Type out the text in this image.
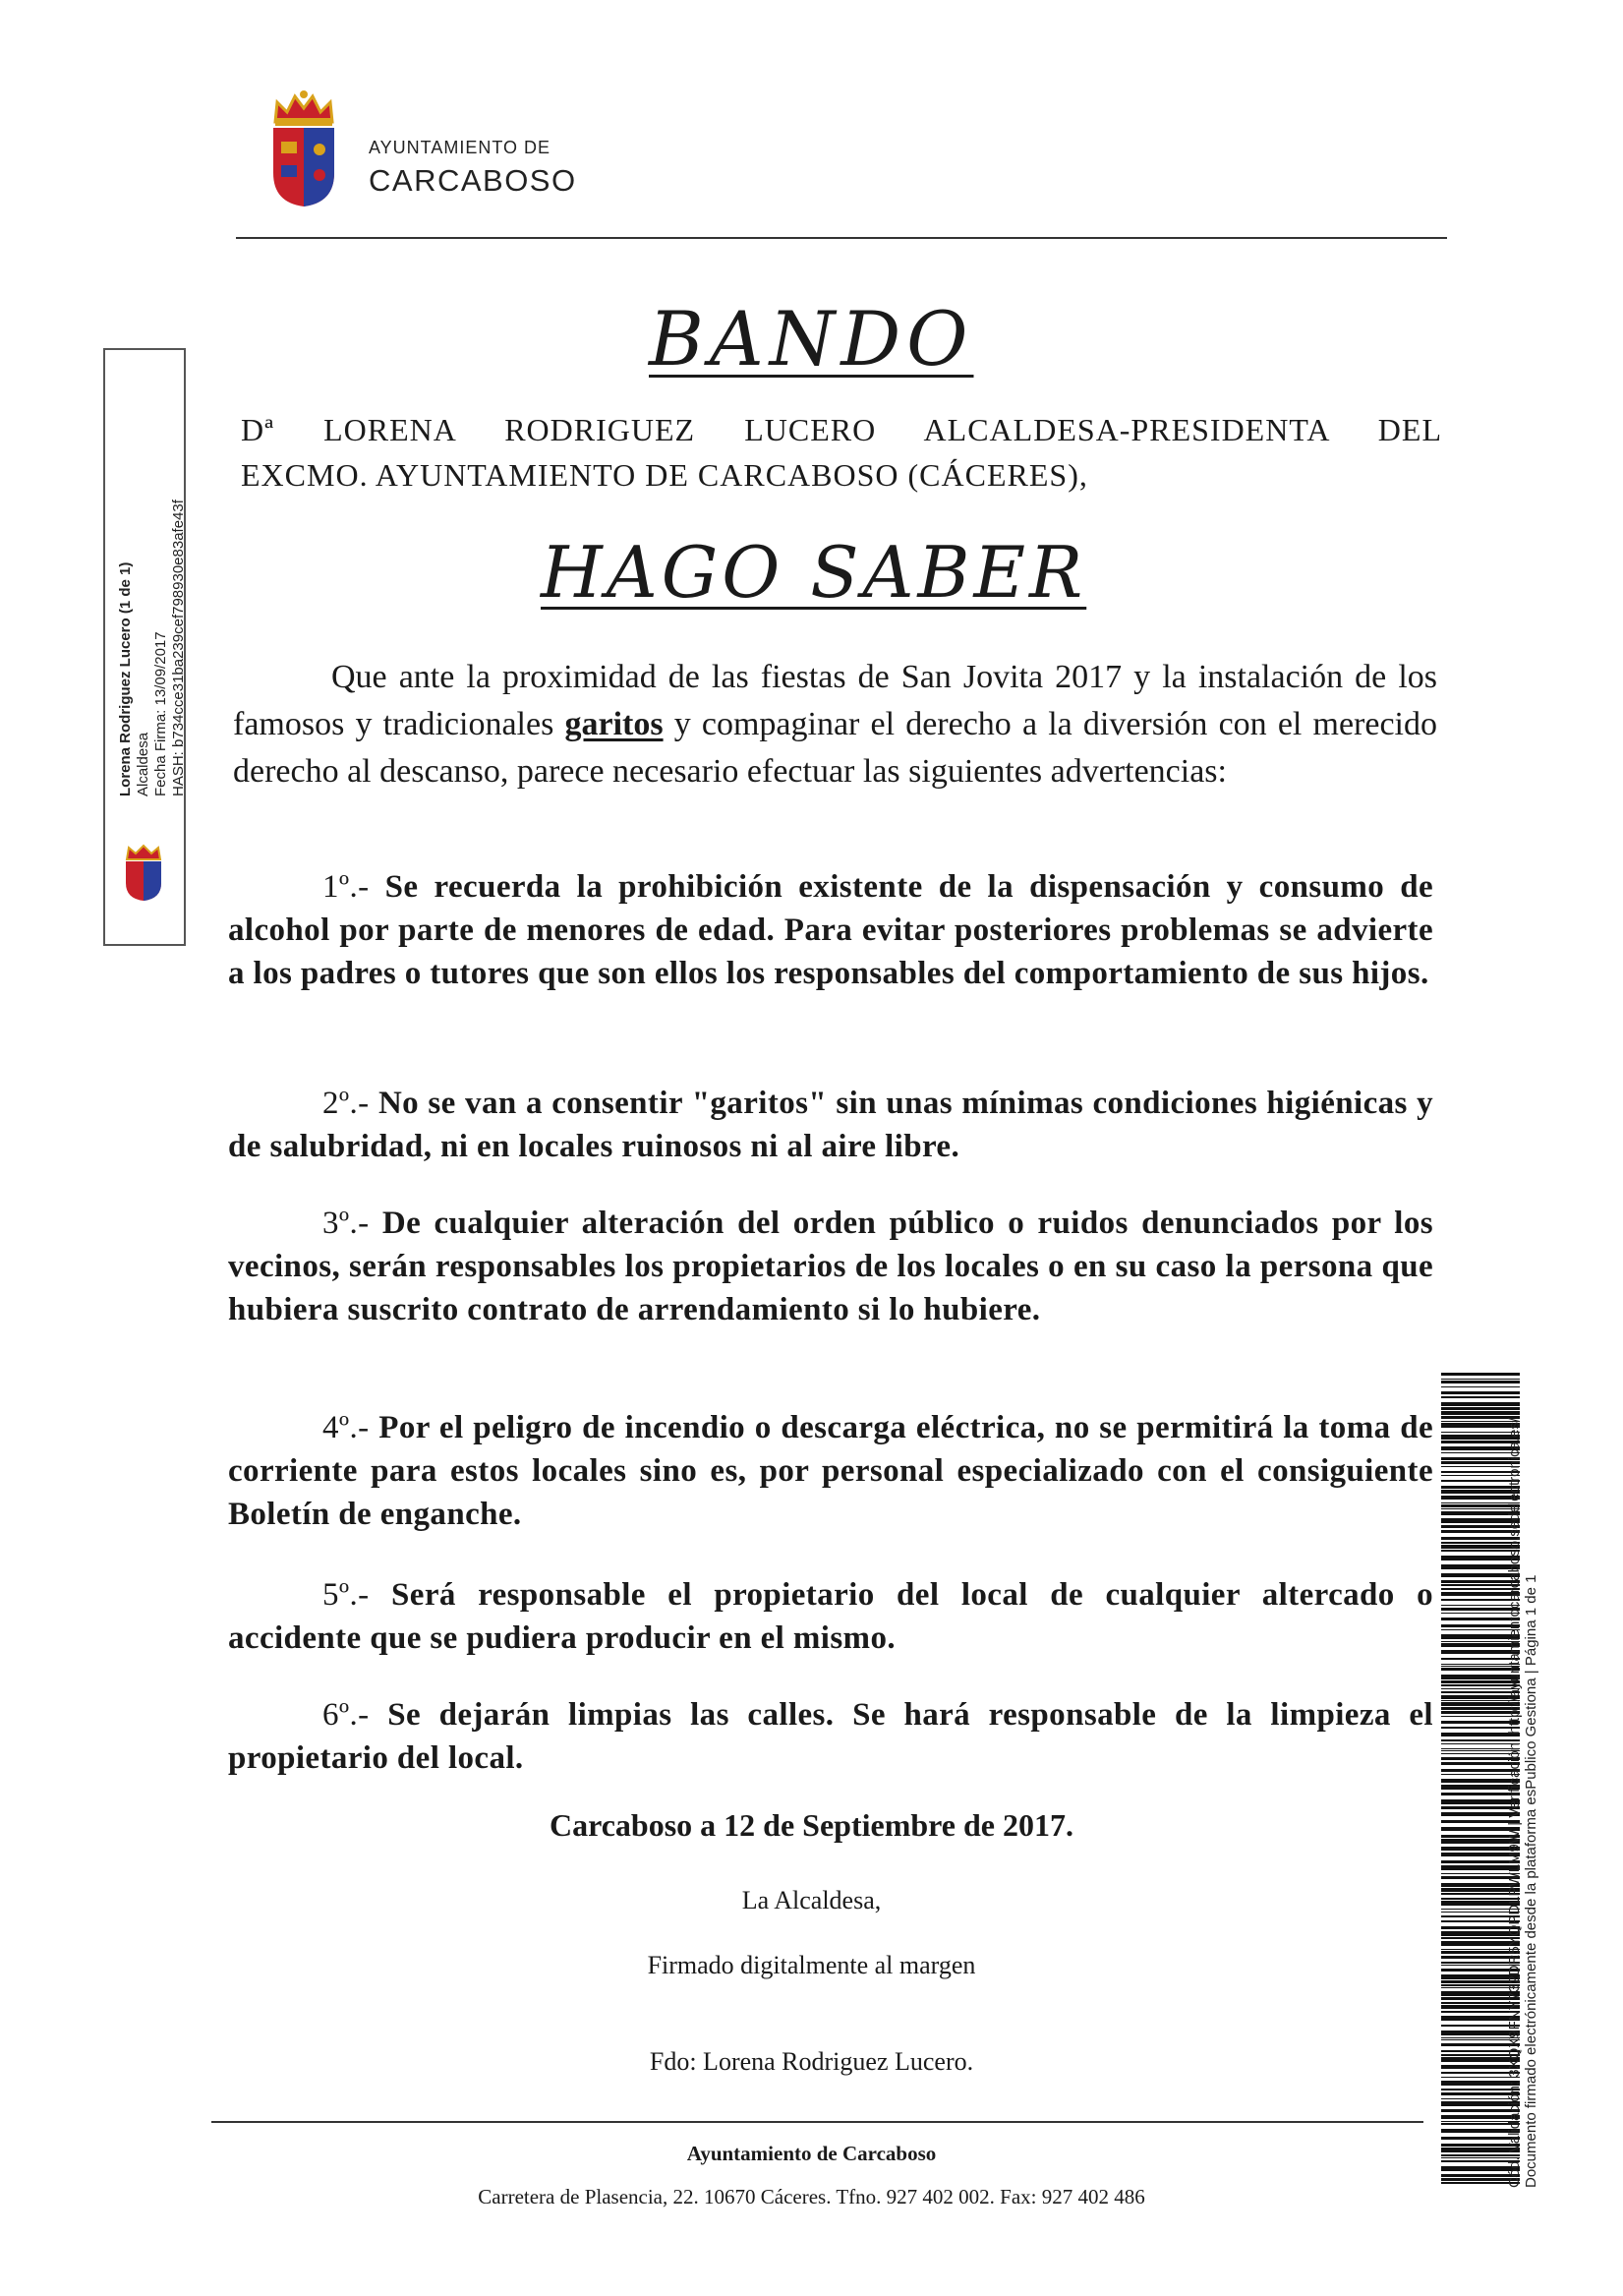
AYUNTAMIENTO DE
CARCABOSO
BANDO
Dª LORENA RODRIGUEZ LUCERO ALCALDESA-PRESIDENTA DEL
EXCMO. AYUNTAMIENTO DE CARCABOSO (CÁCERES),
HAGO SABER
Que ante la proximidad de las fiestas de San Jovita 2017 y la instalación de los famosos y tradicionales garitos y compaginar el derecho a la diversión con el merecido derecho al descanso, parece necesario efectuar las siguientes advertencias:
1º.- Se recuerda la prohibición existente de la dispensación y consumo de alcohol por parte de menores de edad. Para evitar posteriores problemas se advierte a los padres o tutores que son ellos los responsables del comportamiento de sus hijos.
2º.- No se van a consentir "garitos" sin unas mínimas condiciones higiénicas y de salubridad, ni en locales ruinosos ni al aire libre.
3º.- De cualquier alteración del orden público o ruidos denunciados por los vecinos, serán responsables los propietarios de los locales o en su caso la persona que hubiera suscrito contrato de arrendamiento si lo hubiere.
4º.- Por el peligro de incendio o descarga eléctrica, no se permitirá la toma de corriente para estos locales sino es, por personal especializado con el consiguiente Boletín de enganche.
5º.- Será responsable el propietario del local de cualquier altercado o accidente que se pudiera producir en el mismo.
6º.- Se dejarán limpias las calles. Se hará responsable de la limpieza el propietario del local.
Carcaboso a 12 de Septiembre de 2017.
La Alcaldesa,
Firmado digitalmente al margen
Fdo: Lorena Rodriguez Lucero.
Ayuntamiento de Carcaboso
Carretera de Plasencia, 22. 10670 Cáceres. Tfno. 927 402 002. Fax: 927 402 486
Lorena Rodriguez Lucero (1 de 1) Alcaldesa Fecha Firma: 13/09/2017 HASH: b734cce31ba239cef798930e83afe43f
Cód. Validación: 3XQX9FNY732DR5YQPDLPWLM9W | Verificación: http://ayuntamientocarcaboso.sedelectronica.es/ Documento firmado electrónicamente desde la plataforma esPublico Gestiona | Página 1 de 1
